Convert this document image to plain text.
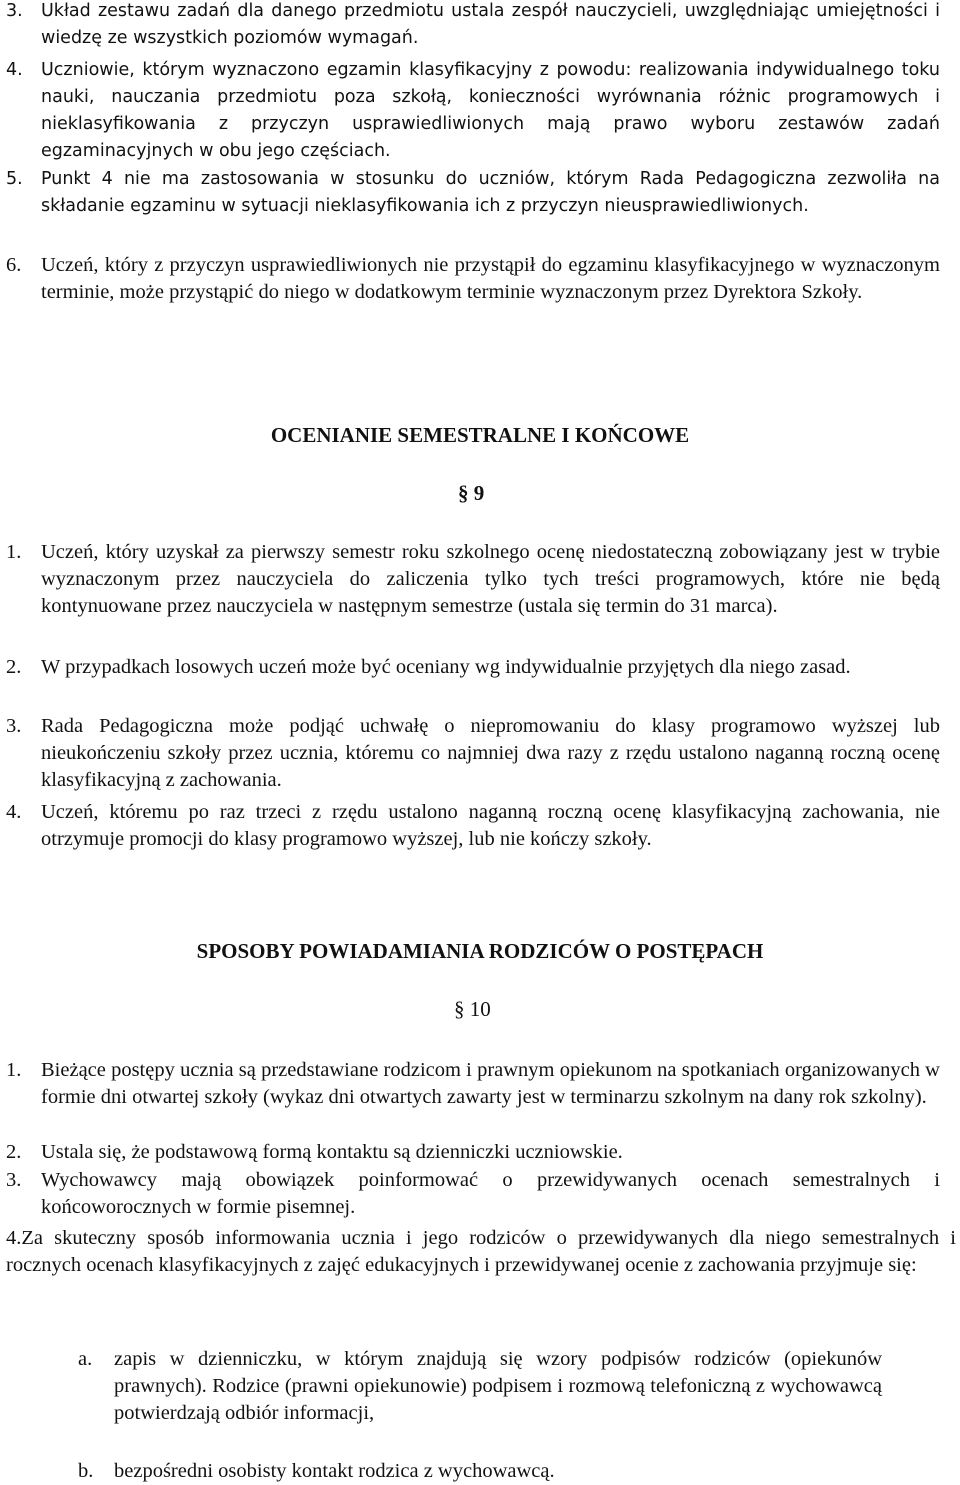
3.	Układ zestawu zadań dla danego przedmiotu ustala zespół nauczycieli, uwzględniając umiejętności i wiedzę ze wszystkich poziomów wymagań.

4.	Uczniowie, którym wyznaczono egzamin klasyfikacyjny z powodu: realizowania indywidualnego toku nauki, nauczania przedmiotu poza szkołą, konieczności wyrównania różnic programowych i nieklasyfikowania z przyczyn usprawiedliwionych mają prawo wyboru zestawów zadań egzaminacyjnych w obu jego częściach.

5.	Punkt 4 nie ma zastosowania w stosunku do uczniów, którym Rada Pedagogiczna zezwoliła na składanie egzaminu w sytuacji nieklasyfikowania ich z przyczyn nieusprawiedliwionych.

6. Uczeń, który z przyczyn usprawiedliwionych nie przystąpił do egzaminu klasyfikacyjnego w wyznaczonym terminie, może przystąpić do niego w dodatkowym terminie wyznaczonym przez Dyrektora Szkoły.

OCENIANIE SEMESTRALNE I KOŃCOWE
§ 9

1. Uczeń, który uzyskał za pierwszy semestr roku szkolnego ocenę niedostateczną zobowiązany jest w trybie wyznaczonym przez nauczyciela do zaliczenia tylko tych treści programowych, które nie będą kontynuowane przez nauczyciela w następnym semestrze (ustala się termin do 31 marca).

2. W przypadkach losowych uczeń może być oceniany wg indywidualnie przyjętych dla niego zasad.

3. Rada Pedagogiczna może podjąć uchwałę o niepromowaniu do klasy programowo wyższej lub nieukończeniu szkoły przez ucznia, któremu co najmniej dwa razy z rzędu ustalono naganną roczną ocenę klasyfikacyjną z zachowania.

4. Uczeń, któremu po raz trzeci z rzędu ustalono naganną roczną ocenę klasyfikacyjną zachowania, nie otrzymuje promocji do klasy programowo wyższej, lub nie kończy szkoły.

SPOSOBY POWIADAMIANIA RODZICÓW O POSTĘPACH
§ 10

1. Bieżące postępy ucznia są przedstawiane rodzicom i prawnym opiekunom na spotkaniach organizowanych w formie dni otwartej szkoły (wykaz dni otwartych zawarty jest w terminarzu szkolnym na dany rok szkolny).

2. Ustala się, że podstawową formą kontaktu są dzienniczki uczniowskie.

3. Wychowawcy mają obowiązek poinformować o przewidywanych ocenach semestralnych i końcoworocznych w formie pisemnej.

4.Za skuteczny sposób informowania ucznia i jego rodziców o przewidywanych dla niego semestralnych i rocznych ocenach klasyfikacyjnych z zajęć edukacyjnych i przewidywanej ocenie z zachowania przyjmuje się:

a.	zapis w dzienniczku, w którym znajdują się wzory podpisów rodziców (opiekunów prawnych). Rodzice (prawni opiekunowie) podpisem i rozmową telefoniczną z wychowawcą potwierdzają odbiór informacji,

b.	bezpośredni osobisty kontakt rodzica z wychowawcą.
